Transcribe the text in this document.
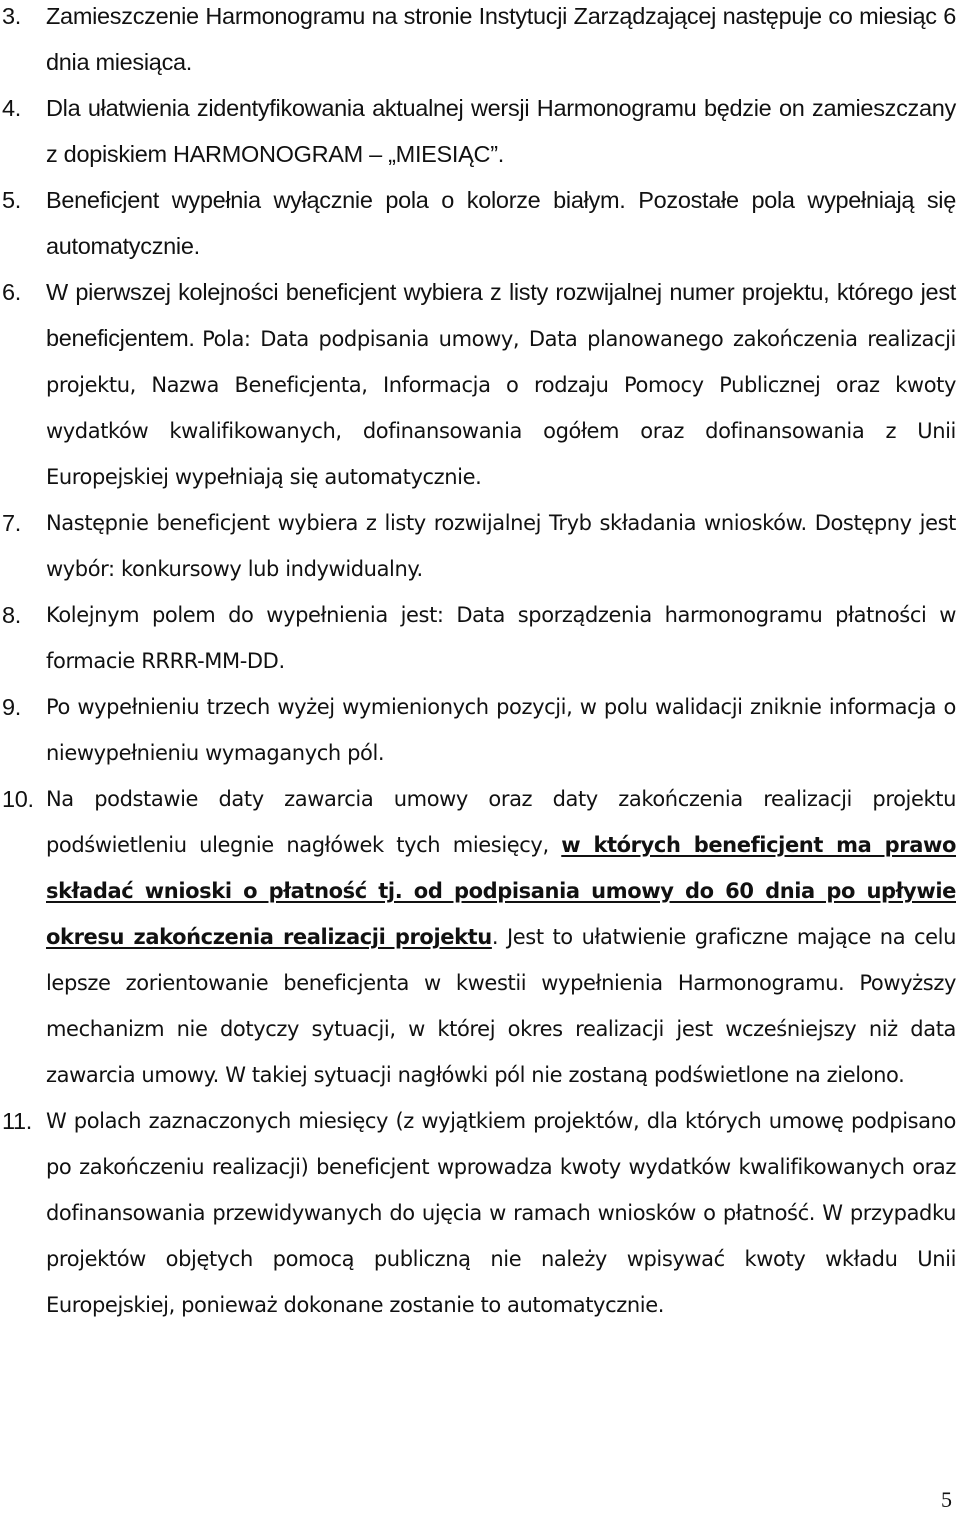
3. Zamieszczenie Harmonogramu na stronie Instytucji Zarządzającej następuje co miesiąc 6 dnia miesiąca.
4. Dla ułatwienia zidentyfikowania aktualnej wersji Harmonogramu będzie on zamieszczany z dopiskiem HARMONOGRAM – „MIESIĄC”.
5. Beneficjent wypełnia wyłącznie pola o kolorze białym. Pozostałe pola wypełniają się automatycznie.
6. W pierwszej kolejności beneficjent wybiera z listy rozwijalnej numer projektu, którego jest beneficjentem. Pola: Data podpisania umowy, Data planowanego zakończenia realizacji projektu, Nazwa Beneficjenta, Informacja o rodzaju Pomocy Publicznej oraz kwoty wydatków kwalifikowanych, dofinansowania ogółem oraz dofinansowania z Unii Europejskiej wypełniają się automatycznie.
7. Następnie beneficjent wybiera z listy rozwijalnej Tryb składania wniosków. Dostępny jest wybór: konkursowy lub indywidualny.
8. Kolejnym polem do wypełnienia jest: Data sporządzenia harmonogramu płatności w formacie RRRR-MM-DD.
9. Po wypełnieniu trzech wyżej wymienionych pozycji, w polu walidacji zniknie informacja o niewypełnieniu wymaganych pól.
10. Na podstawie daty zawarcia umowy oraz daty zakończenia realizacji projektu podświetleniu ulegnie nagłówek tych miesięcy, w których beneficjent ma prawo składać wnioski o płatność tj. od podpisania umowy do 60 dnia po upływie okresu zakończenia realizacji projektu. Jest to ułatwienie graficzne mające na celu lepsze zorientowanie beneficjenta w kwestii wypełnienia Harmonogramu. Powyższy mechanizm nie dotyczy sytuacji, w której okres realizacji jest wcześniejszy niż data zawarcia umowy. W takiej sytuacji nagłówki pól nie zostaną podświetlone na zielono.
11. W polach zaznaczonych miesięcy (z wyjątkiem projektów, dla których umowę podpisano po zakończeniu realizacji) beneficjent wprowadza kwoty wydatków kwalifikowanych oraz dofinansowania przewidywanych do ujęcia w ramach wniosków o płatność. W przypadku projektów objętych pomocą publiczną nie należy wpisywać kwoty wkładu Unii Europejskiej, ponieważ dokonane zostanie to automatycznie.
5
